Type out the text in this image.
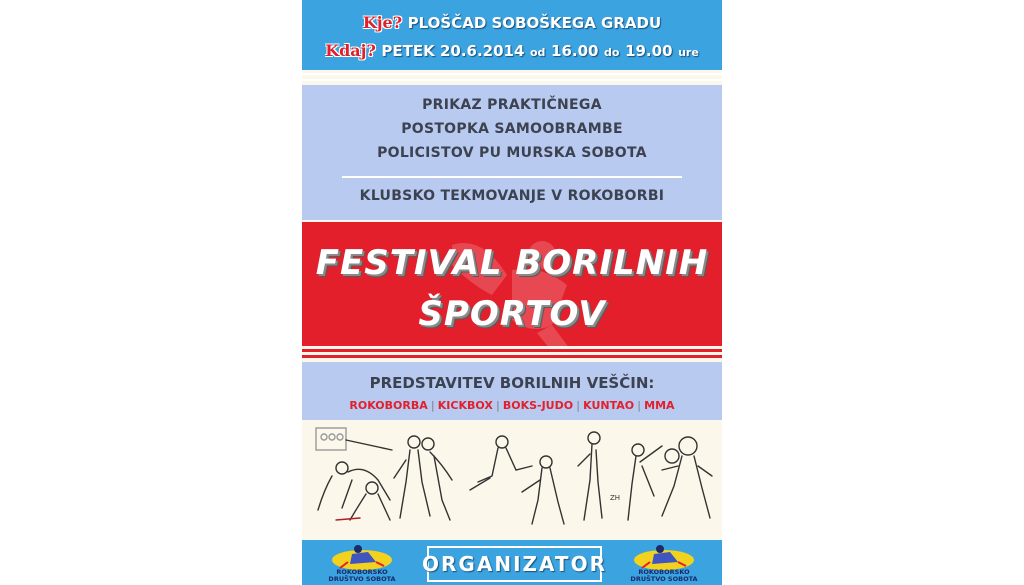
Kje? PLOŠČAD SOBOŠKEGA GRADU
Kdaj? PETEK 20.6.2014 od 16.00 do 19.00 ure
PRIKAZ PRAKTIČNEGA
POSTOPKA SAMOOBRAMBE
POLICISTOV PU MURSKA SOBOTA
KLUBSKO TEKMOVANJE V ROKOBORBI
FESTIVAL BORILNIH
ŠPORTOV
PREDSTAVITEV BORILNIH VEŠČIN:
ROKOBORBA | KICKBOX | BOKS-JUDO | KUNTAO | MMA
ZH
ORGANIZATOR
ROKOBORSKO DRUŠTVO SOBOTA
ROKOBORSKO DRUŠTVO SOBOTA
